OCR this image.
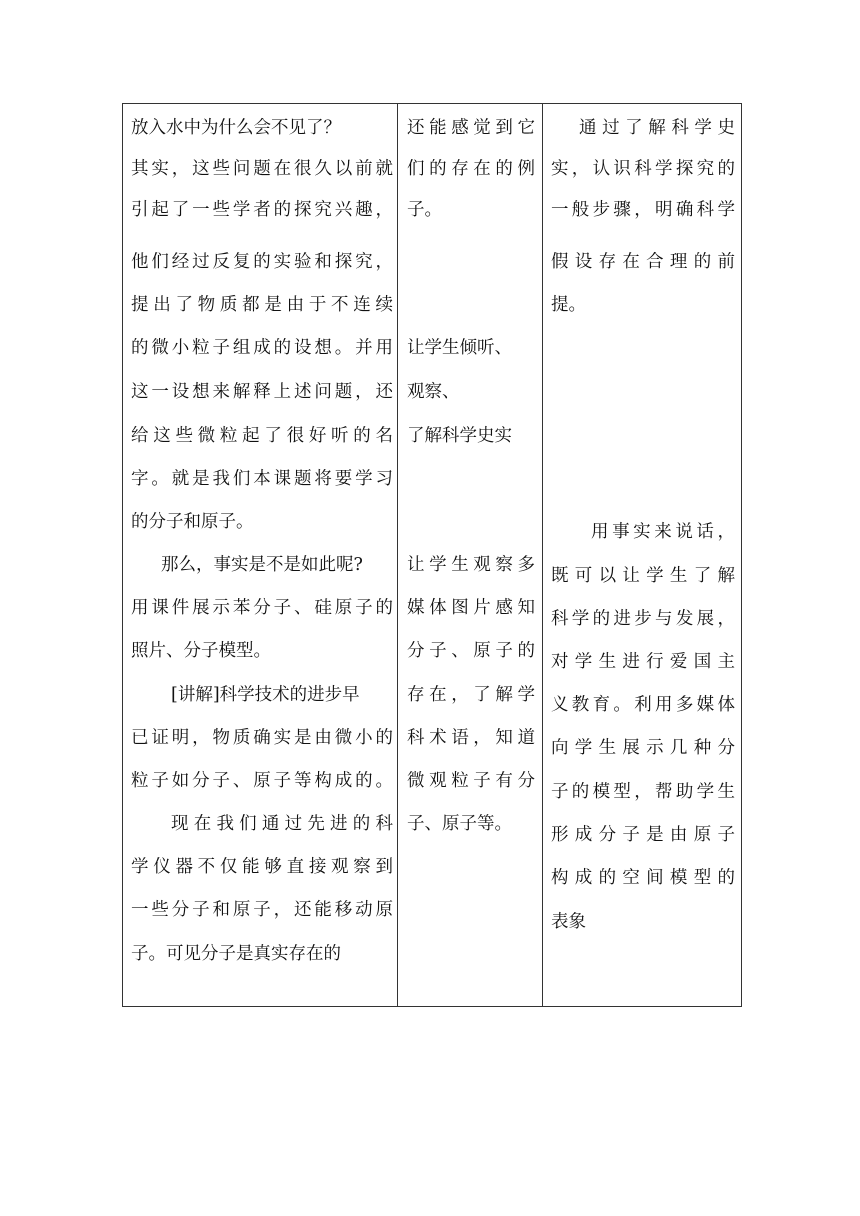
放入水中为什么会不见了？
其实，这些问题在很久以前就
引起了一些学者的探究兴趣，
他们经过反复的实验和探究，
提出了物质都是由于不连续
的微小粒子组成的设想。并用
这一设想来解释上述问题，还
给这些微粒起了很好听的名
字。就是我们本课题将要学习
的分子和原子。
那么，事实是不是如此呢?
用课件展示苯分子、硅原子的
照片、分子模型。
[讲解]科学技术的进步早
已证明，物质确实是由微小的
粒子如分子、原子等构成的。
现在我们通过先进的科
学仪器不仅能够直接观察到
一些分子和原子，还能移动原
子。可见分子是真实存在的

还能感觉到它
们的存在的例
子。
让学生倾听、
观察、
了解科学史实
让学生观察多
媒体图片感知
分子、原子的
存在，了解学
科术语，知道
微观粒子有分
子、原子等。

通过了解科学史
实，认识科学探究的
一般步骤，明确科学
假设存在合理的前
提。
用事实来说话，
既可以让学生了解
科学的进步与发展，
对学生进行爱国主
义教育。利用多媒体
向学生展示几种分
子的模型，帮助学生
形成分子是由原子
构成的空间模型的
表象
